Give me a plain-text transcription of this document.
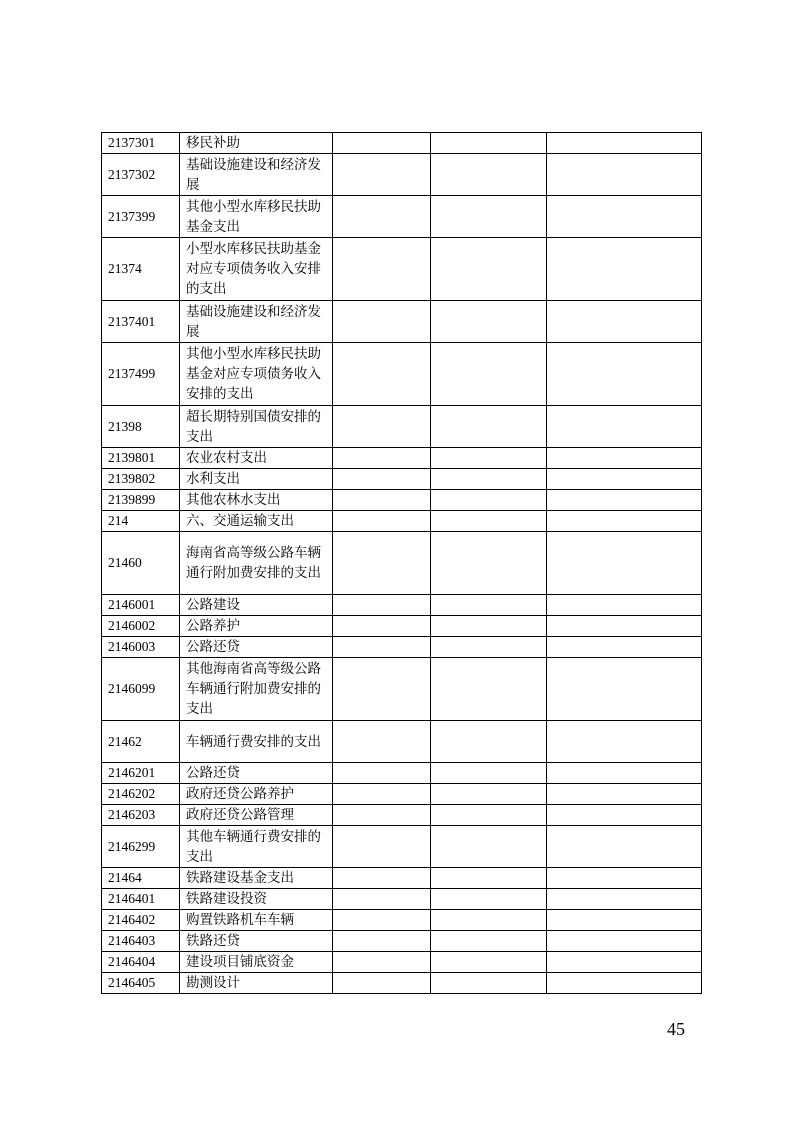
2137301	移民补助			
2137302	基础设施建设和经济发展			
2137399	其他小型水库移民扶助基金支出			
21374	小型水库移民扶助基金对应专项债务收入安排的支出			
2137401	基础设施建设和经济发展			
2137499	其他小型水库移民扶助基金对应专项债务收入安排的支出			
21398	超长期特别国债安排的支出			
2139801	农业农村支出			
2139802	水利支出			
2139899	其他农林水支出			
214	六、交通运输支出			
21460	海南省高等级公路车辆通行附加费安排的支出			
2146001	公路建设			
2146002	公路养护			
2146003	公路还贷			
2146099	其他海南省高等级公路车辆通行附加费安排的支出			
21462	车辆通行费安排的支出			
2146201	公路还贷			
2146202	政府还贷公路养护			
2146203	政府还贷公路管理			
2146299	其他车辆通行费安排的支出			
21464	铁路建设基金支出			
2146401	铁路建设投资			
2146402	购置铁路机车车辆			
2146403	铁路还贷			
2146404	建设项目铺底资金			
2146405	勘测设计			
45
